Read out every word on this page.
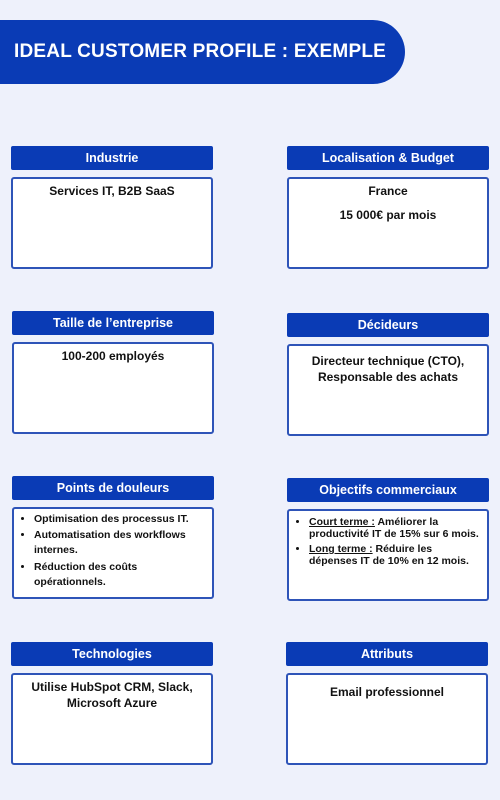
IDEAL CUSTOMER PROFILE : EXEMPLE
Industrie

Services IT, B2B SaaS

Localisation & Budget

France

15 000€ par mois

Taille de l’entreprise

100-200 employés

Décideurs

Directeur technique (CTO), Responsable des achats

Points de douleurs
• Optimisation des processus IT.
• Automatisation des workflows internes.
• Réduction des coûts opérationnels.
Objectifs commerciaux
• Court terme : Améliorer la productivité IT de 15% sur 6 mois.
• Long terme : Réduire les dépenses IT de 10% en 12 mois.
Technologies

Utilise HubSpot CRM, Slack, Microsoft Azure

Attributs

Email professionnel
